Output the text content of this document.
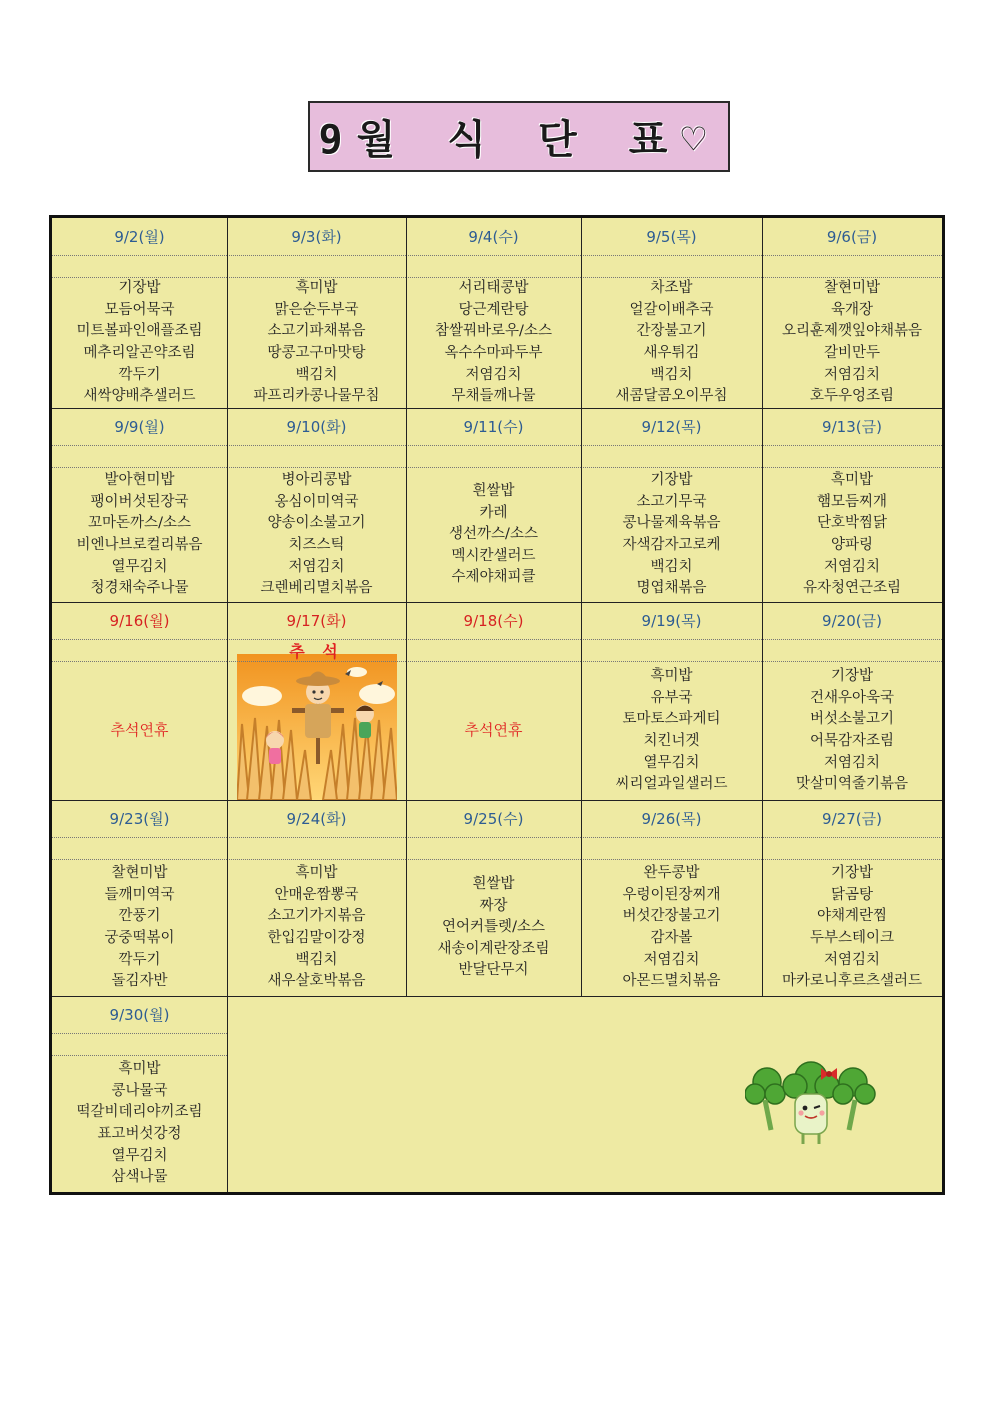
9월 식 단 표♡
9/2(월)
기장밥
모듬어묵국
미트볼파인애플조림
메추리알곤약조림
깍두기
새싹양배추샐러드
9/3(화)
흑미밥
맑은순두부국
소고기파채볶음
땅콩고구마맛탕
백김치
파프리카콩나물무침
9/4(수)
서리태콩밥
당근계란탕
참쌀꿔바로우/소스
옥수수마파두부
저염김치
무채들깨나물
9/5(목)
차조밥
얼갈이배추국
간장불고기
새우튀김
백김치
새콤달콤오이무침
9/6(금)
찰현미밥
육개장
오리훈제깻잎야채볶음
갈비만두
저염김치
호두우엉조림
9/9(월)
발아현미밥
팽이버섯된장국
꼬마돈까스/소스
비엔나브로컬리볶음
열무김치
청경채숙주나물
9/10(화)
병아리콩밥
옹심이미역국
양송이소불고기
치즈스틱
저염김치
크렌베리멸치볶음
9/11(수)
흰쌀밥
카레
생선까스/소스
멕시칸샐러드
수제야채피클
9/12(목)
기장밥
소고기무국
콩나물제육볶음
자색감자고로케
백김치
명엽채볶음
9/13(금)
흑미밥
햄모듬찌개
단호박찜닭
양파링
저염김치
유자청연근조림
9/16(월)
추석연휴
9/17(화)
추 석
9/18(수)
추석연휴
9/19(목)
흑미밥
유부국
토마토스파게티
치킨너겟
열무김치
씨리얼과일샐러드
9/20(금)
기장밥
건새우아욱국
버섯소불고기
어묵감자조림
저염김치
맛살미역줄기볶음
9/23(월)
찰현미밥
들깨미역국
깐풍기
궁중떡볶이
깍두기
돌김자반
9/24(화)
흑미밥
안매운짬뽕국
소고기가지볶음
한입김말이강정
백김치
새우살호박볶음
9/25(수)
흰쌀밥
짜장
연어커틀렛/소스
새송이계란장조림
반달단무지
9/26(목)
완두콩밥
우렁이된장찌개
버섯간장불고기
감자볼
저염김치
아몬드멸치볶음
9/27(금)
기장밥
닭곰탕
야채계란찜
두부스테이크
저염김치
마카로니후르츠샐러드
9/30(월)
흑미밥
콩나물국
떡갈비데리야끼조림
표고버섯강정
열무김치
삼색나물
